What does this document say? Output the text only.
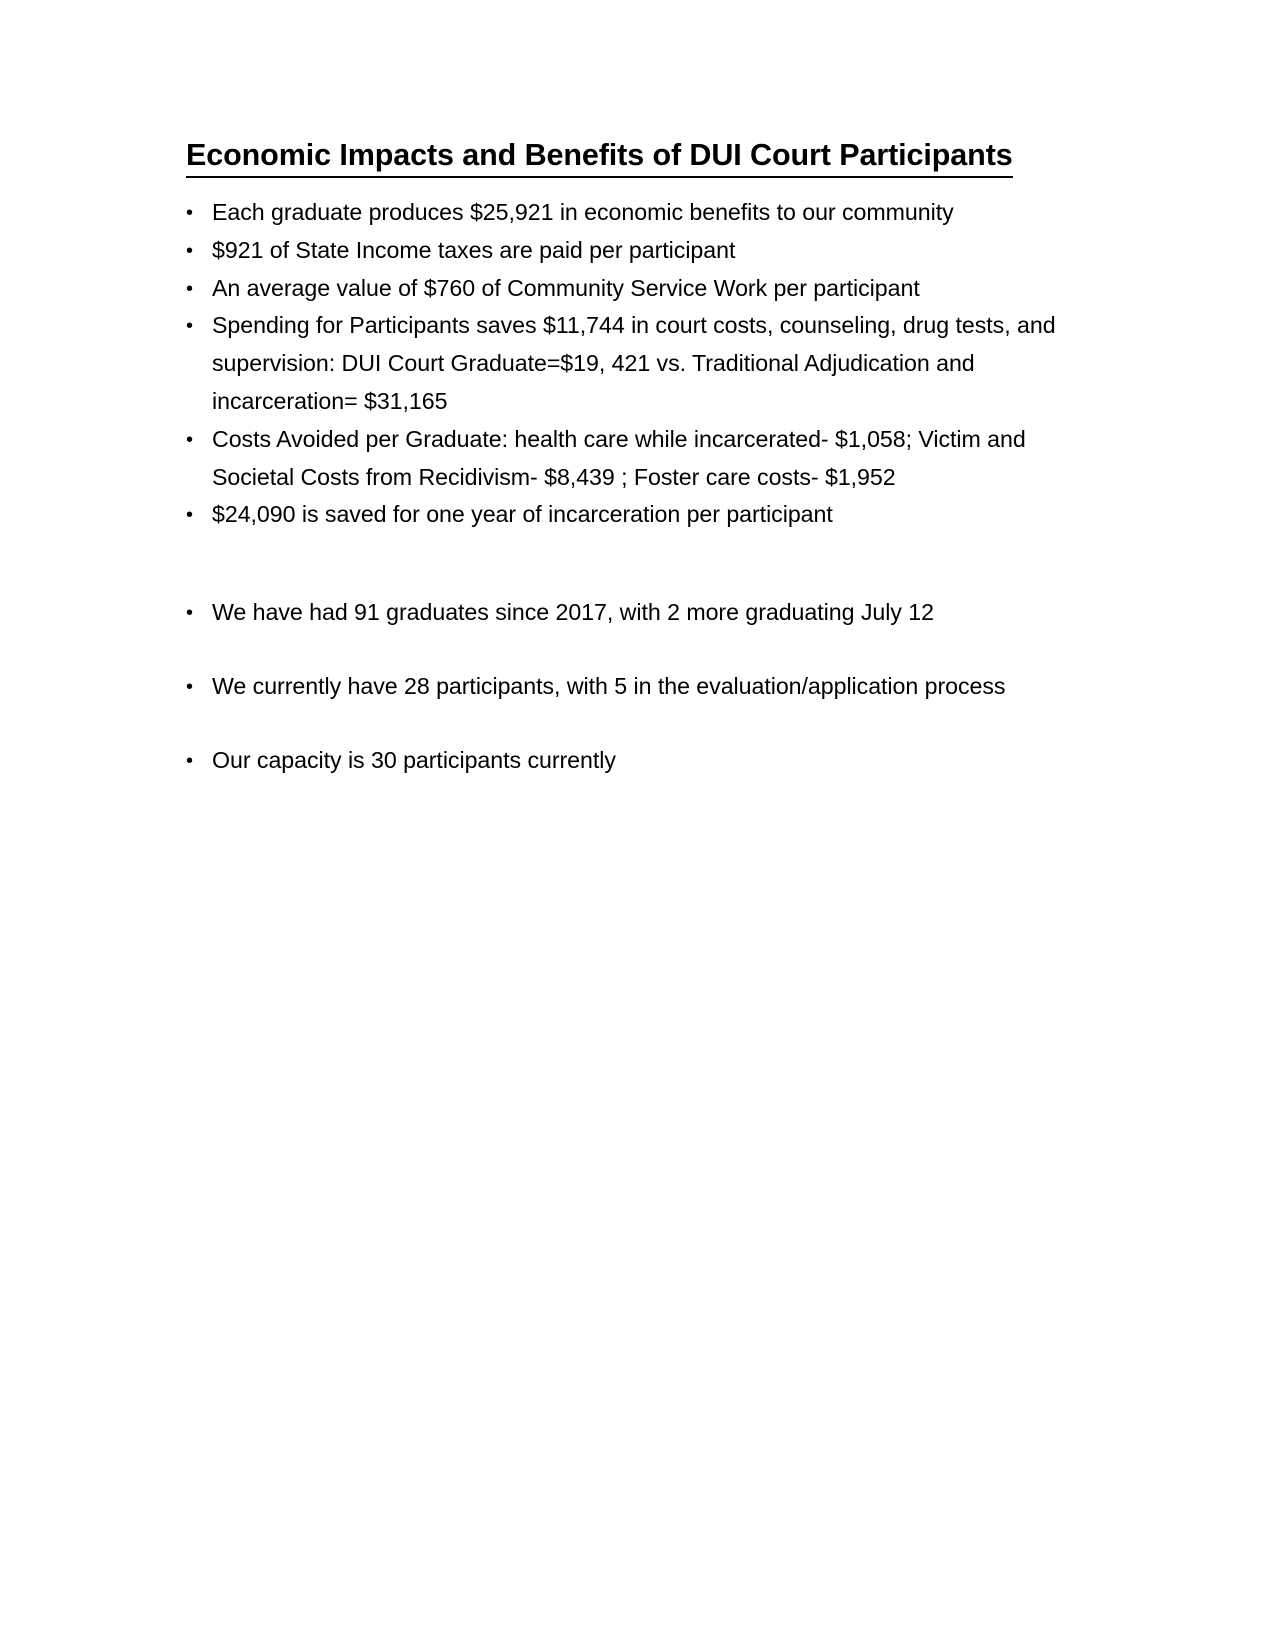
Economic Impacts and Benefits of DUI Court Participants
• Each graduate produces $25,921 in economic benefits to our community
• $921 of State Income taxes are paid per participant
• An average value of $760 of Community Service Work per participant
• Spending for Participants saves $11,744 in court costs, counseling, drug tests, and supervision: DUI Court Graduate=$19, 421 vs. Traditional Adjudication and incarceration= $31,165
• Costs Avoided per Graduate: health care while incarcerated- $1,058; Victim and Societal Costs from Recidivism- $8,439 ; Foster care costs- $1,952
• $24,090 is saved for one year of incarceration per participant
• We have had 91 graduates since 2017, with 2 more graduating July 12
• We currently have 28 participants, with 5 in the evaluation/application process
• Our capacity is 30 participants currently
